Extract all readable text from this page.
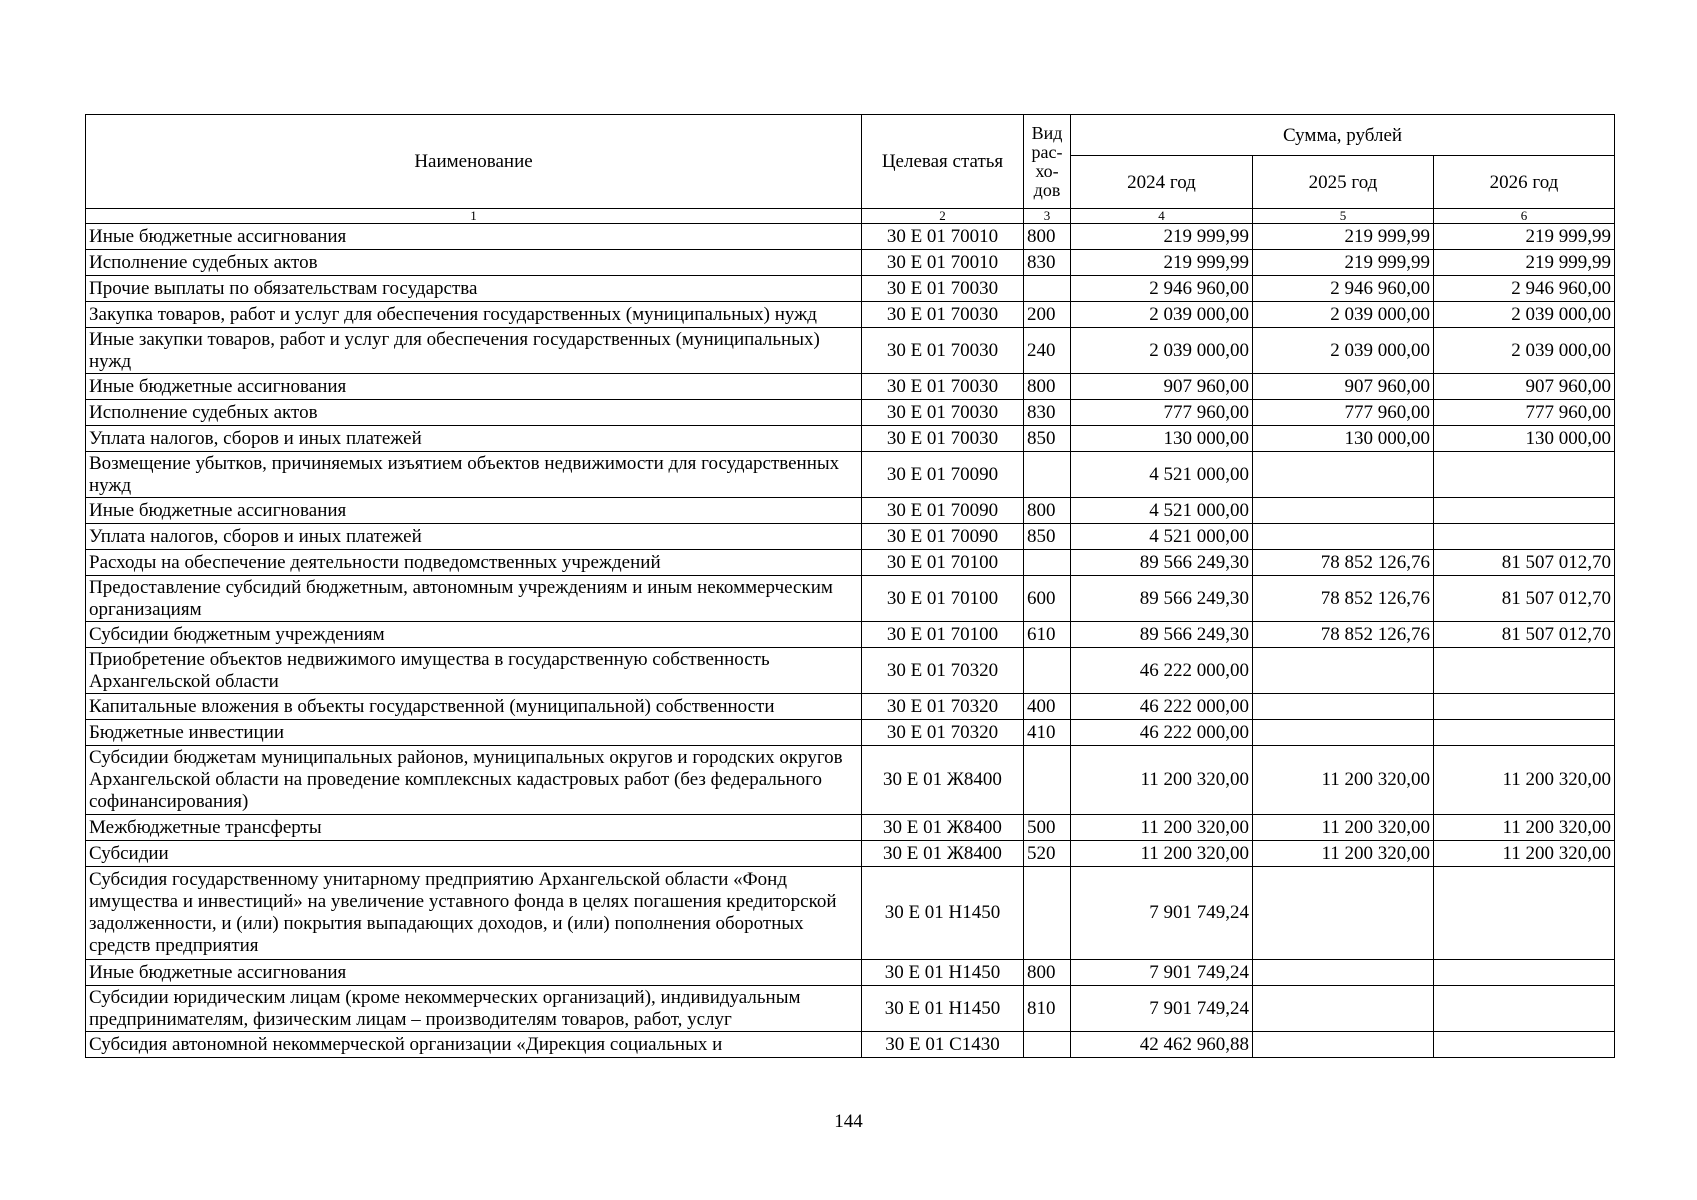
Наименование	Целевая статья	Вид рас-хо-дов	Сумма, рублей		
			2024 год	2025 год	2026 год
1	2	3	4	5	6
Иные бюджетные ассигнования	30 Е 01 70010	800	219 999,99	219 999,99	219 999,99
Исполнение судебных актов	30 Е 01 70010	830	219 999,99	219 999,99	219 999,99
Прочие выплаты по обязательствам государства	30 Е 01 70030		2 946 960,00	2 946 960,00	2 946 960,00
Закупка товаров, работ и услуг для обеспечения государственных (муниципальных) нужд	30 Е 01 70030	200	2 039 000,00	2 039 000,00	2 039 000,00
Иные закупки товаров, работ и услуг для обеспечения государственных (муниципальных) нужд	30 Е 01 70030	240	2 039 000,00	2 039 000,00	2 039 000,00
Иные бюджетные ассигнования	30 Е 01 70030	800	907 960,00	907 960,00	907 960,00
Исполнение судебных актов	30 Е 01 70030	830	777 960,00	777 960,00	777 960,00
Уплата налогов, сборов и иных платежей	30 Е 01 70030	850	130 000,00	130 000,00	130 000,00
Возмещение убытков, причиняемых изъятием объектов недвижимости для государственных нужд	30 Е 01 70090		4 521 000,00		
Иные бюджетные ассигнования	30 Е 01 70090	800	4 521 000,00		
Уплата налогов, сборов и иных платежей	30 Е 01 70090	850	4 521 000,00		
Расходы на обеспечение деятельности подведомственных учреждений	30 Е 01 70100		89 566 249,30	78 852 126,76	81 507 012,70
Предоставление субсидий бюджетным, автономным учреждениям и иным некоммерческим организациям	30 Е 01 70100	600	89 566 249,30	78 852 126,76	81 507 012,70
Субсидии бюджетным учреждениям	30 Е 01 70100	610	89 566 249,30	78 852 126,76	81 507 012,70
Приобретение объектов недвижимого имущества в государственную собственность Архангельской области	30 Е 01 70320		46 222 000,00		
Капитальные вложения в объекты государственной (муниципальной) собственности	30 Е 01 70320	400	46 222 000,00		
Бюджетные инвестиции	30 Е 01 70320	410	46 222 000,00		
Субсидии бюджетам муниципальных районов, муниципальных округов и городских округов Архангельской области на проведение комплексных кадастровых работ (без федерального софинансирования)	30 Е 01 Ж8400		11 200 320,00	11 200 320,00	11 200 320,00
Межбюджетные трансферты	30 Е 01 Ж8400	500	11 200 320,00	11 200 320,00	11 200 320,00
Субсидии	30 Е 01 Ж8400	520	11 200 320,00	11 200 320,00	11 200 320,00
Субсидия государственному унитарному предприятию Архангельской области «Фонд имущества и инвестиций» на увеличение уставного фонда в целях погашения кредиторской задолженности, и (или) покрытия выпадающих доходов, и (или) пополнения оборотных средств предприятия	30 Е 01 Н1450		7 901 749,24		
Иные бюджетные ассигнования	30 Е 01 Н1450	800	7 901 749,24		
Субсидии юридическим лицам (кроме некоммерческих организаций), индивидуальным предпринимателям, физическим лицам – производителям товаров, работ, услуг	30 Е 01 Н1450	810	7 901 749,24		
Субсидия автономной некоммерческой организации «Дирекция социальных и	30 Е 01 С1430		42 462 960,88		
144
